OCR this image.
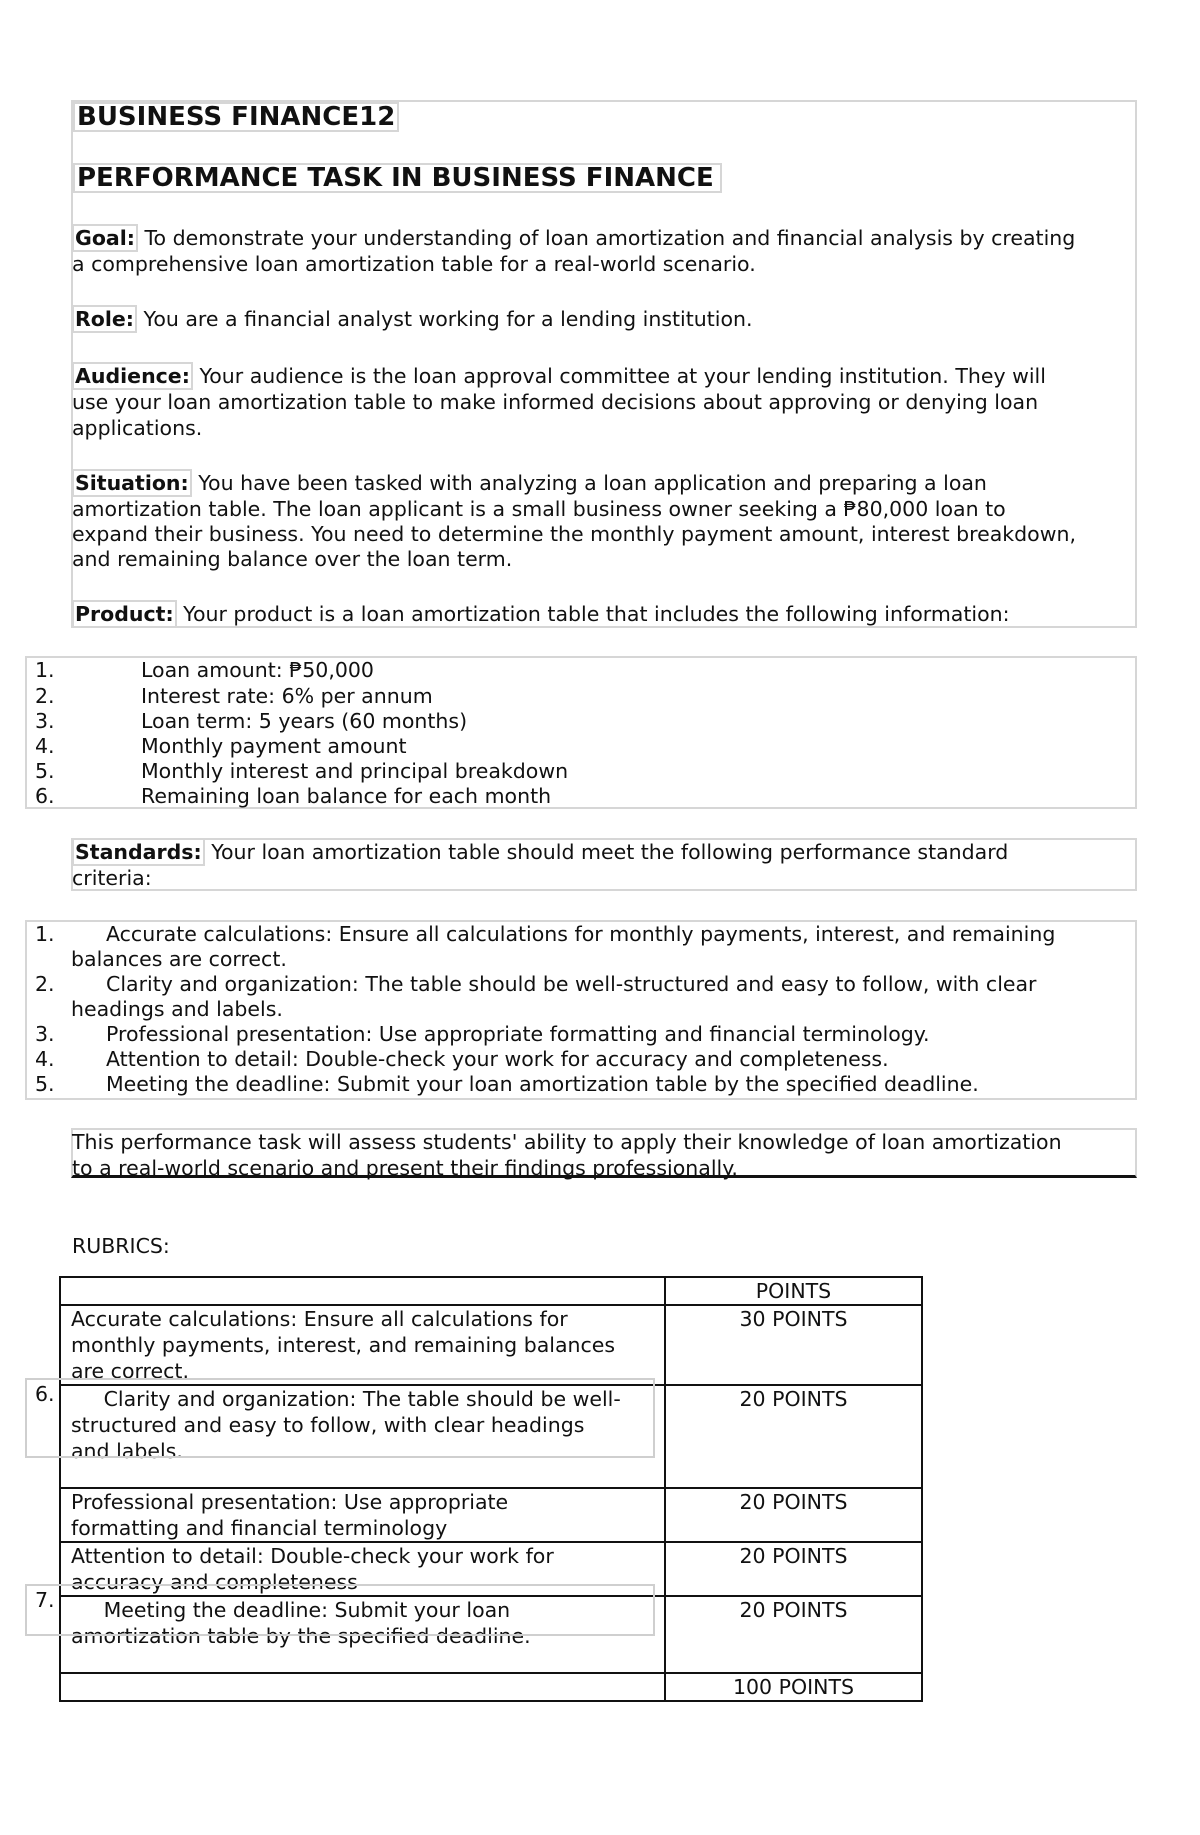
BUSINESS FINANCE12
PERFORMANCE TASK IN BUSINESS FINANCE
Goal: To demonstrate your understanding of loan amortization and financial analysis by creating
a comprehensive loan amortization table for a real-world scenario.
Role: You are a financial analyst working for a lending institution.
Audience: Your audience is the loan approval committee at your lending institution. They will
use your loan amortization table to make informed decisions about approving or denying loan
applications.
Situation: You have been tasked with analyzing a loan application and preparing a loan
amortization table. The loan applicant is a small business owner seeking a ₱80,000 loan to
expand their business. You need to determine the monthly payment amount, interest breakdown,
and remaining balance over the loan term.
Product: Your product is a loan amortization table that includes the following information:
1.	Loan amount: ₱50,000
2.	Interest rate: 6% per annum
3.	Loan term: 5 years (60 months)
4.	Monthly payment amount
5.	Monthly interest and principal breakdown
6.	Remaining loan balance for each month
Standards: Your loan amortization table should meet the following performance standard
criteria:
1.	Accurate calculations: Ensure all calculations for monthly payments, interest, and remaining
balances are correct.
2.	Clarity and organization: The table should be well-structured and easy to follow, with clear
headings and labels.
3.	Professional presentation: Use appropriate formatting and financial terminology.
4.	Attention to detail: Double-check your work for accuracy and completeness.
5.	Meeting the deadline: Submit your loan amortization table by the specified deadline.
This performance task will assess students' ability to apply their knowledge of loan amortization
to a real-world scenario and present their findings professionally.
RUBRICS:
	POINTS

Accurate calculations: Ensure all calculations for
monthly payments, interest, and remaining balances
are correct.	30 POINTS

Clarity and organization: The table should be well-
structured and easy to follow, with clear headings
and labels.	20 POINTS

Professional presentation: Use appropriate
formatting and financial terminology	20 POINTS

Attention to detail: Double-check your work for
accuracy and completeness	20 POINTS

Meeting the deadline: Submit your loan
amortization table by the specified deadline.	20 POINTS
	100 POINTS
6.
7.
